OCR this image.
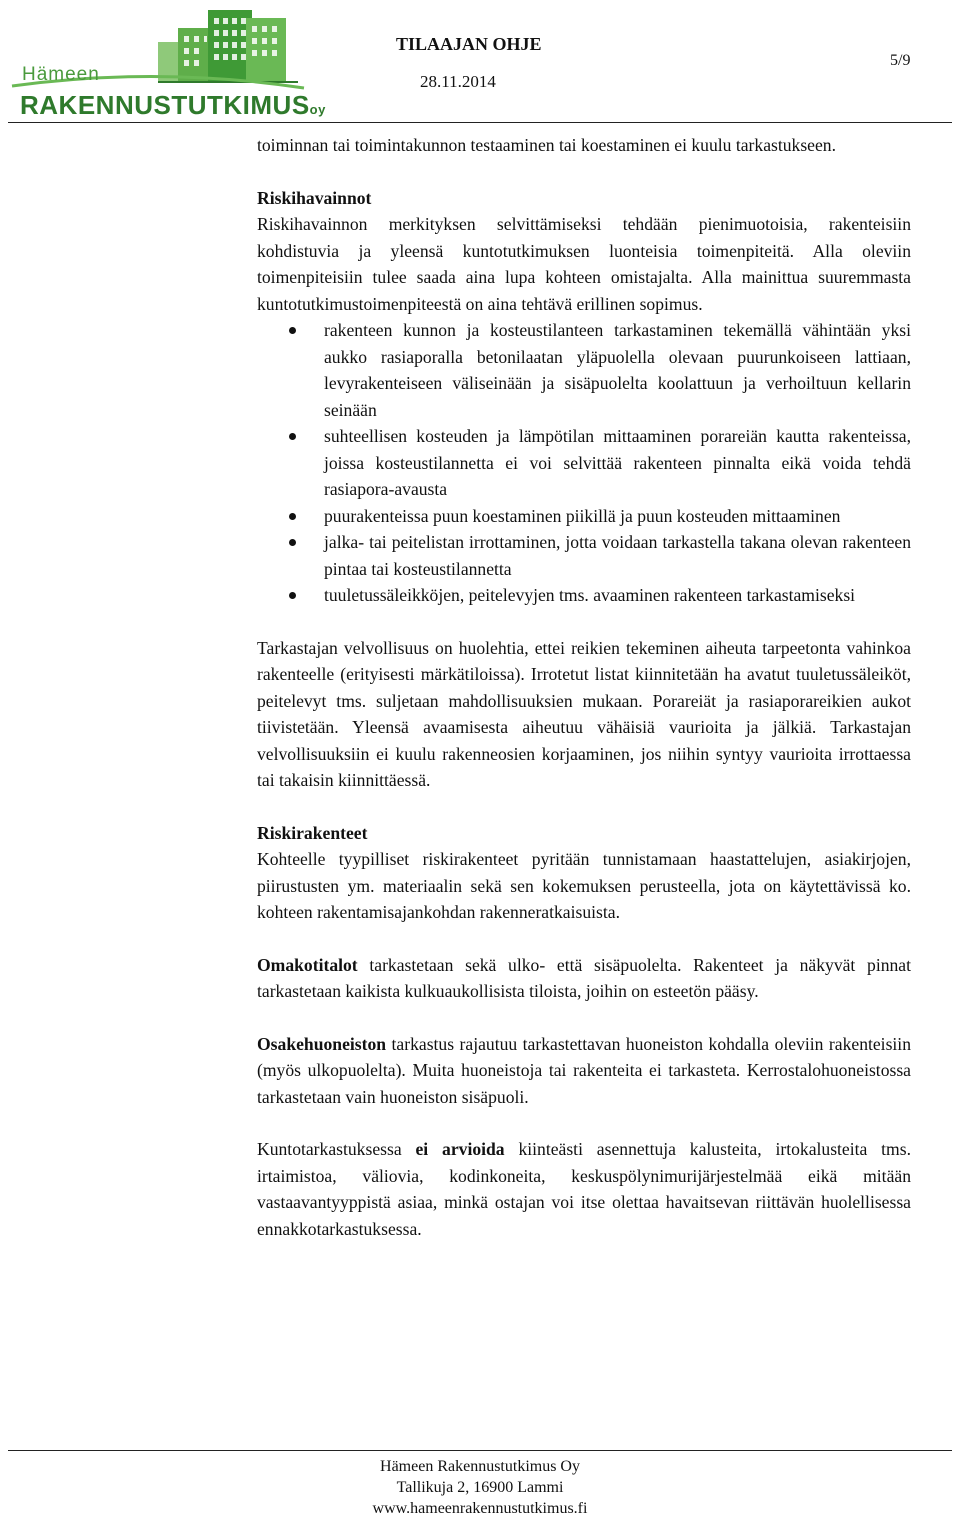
Hämeen
RAKENNUSTUTKIMUSoy
TILAAJAN OHJE
28.11.2014
5/9

toiminnan tai toimintakunnon testaaminen tai koestaminen ei kuulu tarkastukseen.

Riskihavainnot

Riskihavainnon merkityksen selvittämiseksi tehdään pienimuotoisia, rakenteisiin kohdistuvia ja yleensä kuntotutkimuksen luonteisia toimenpiteitä. Alla oleviin toimenpiteisiin tulee saada aina lupa kohteen omistajalta. Alla mainittua suuremmasta kuntotutkimustoimenpiteestä on aina tehtävä erillinen sopimus.

rakenteen kunnon ja kosteustilanteen tarkastaminen tekemällä vähintään yksi aukko rasiaporalla betonilaatan yläpuolella olevaan puurunkoiseen lattiaan, levyrakenteiseen väliseinään ja sisäpuolelta koolattuun ja verhoiltuun kellarin seinään
suhteellisen kosteuden ja lämpötilan mittaaminen porareiän kautta rakenteissa, joissa kosteustilannetta ei voi selvittää rakenteen pinnalta eikä voida tehdä rasiapora-avausta
puurakenteissa puun koestaminen piikillä ja puun kosteuden mittaaminen
jalka- tai peitelistan irrottaminen, jotta voidaan tarkastella takana olevan rakenteen pintaa tai kosteustilannetta
tuuletussäleikköjen, peitelevyjen tms. avaaminen rakenteen tarkastamiseksi

Tarkastajan velvollisuus on huolehtia, ettei reikien tekeminen aiheuta tarpeetonta vahinkoa rakenteelle (erityisesti märkätiloissa). Irrotetut listat kiinnitetään ha avatut tuuletussäleiköt, peitelevyt tms. suljetaan mahdollisuuksien mukaan. Porareiät ja rasiaporareikien aukot tiivistetään. Yleensä avaamisesta aiheutuu vähäisiä vaurioita ja jälkiä. Tarkastajan velvollisuuksiin ei kuulu rakenneosien korjaaminen, jos niihin syntyy vaurioita irrottaessa tai takaisin kiinnittäessä.

Riskirakenteet

Kohteelle tyypilliset riskirakenteet pyritään tunnistamaan haastattelujen, asiakirjojen, piirustusten ym. materiaalin sekä sen kokemuksen perusteella, jota on käytettävissä ko. kohteen rakentamisajankohdan rakenneratkaisuista.

Omakotitalot tarkastetaan sekä ulko- että sisäpuolelta. Rakenteet ja näkyvät pinnat tarkastetaan kaikista kulkuaukollisista tiloista, joihin on esteetön pääsy.

Osakehuoneiston tarkastus rajautuu tarkastettavan huoneiston kohdalla oleviin rakenteisiin (myös ulkopuolelta). Muita huoneistoja tai rakenteita ei tarkasteta. Kerrostalohuoneistossa tarkastetaan vain huoneiston sisäpuoli.

Kuntotarkastuksessa ei arvioida kiinteästi asennettuja kalusteita, irtokalusteita tms. irtaimistoa, väliovia, kodinkoneita, keskuspölynimurijärjestelmää eikä mitään vastaavantyyppistä asiaa, minkä ostajan voi itse olettaa havaitsevan riittävän huolellisessa ennakkotarkastuksessa.

Hämeen Rakennustutkimus Oy
Tallikuja 2, 16900 Lammi
www.hameenrakennustutkimus.fi
